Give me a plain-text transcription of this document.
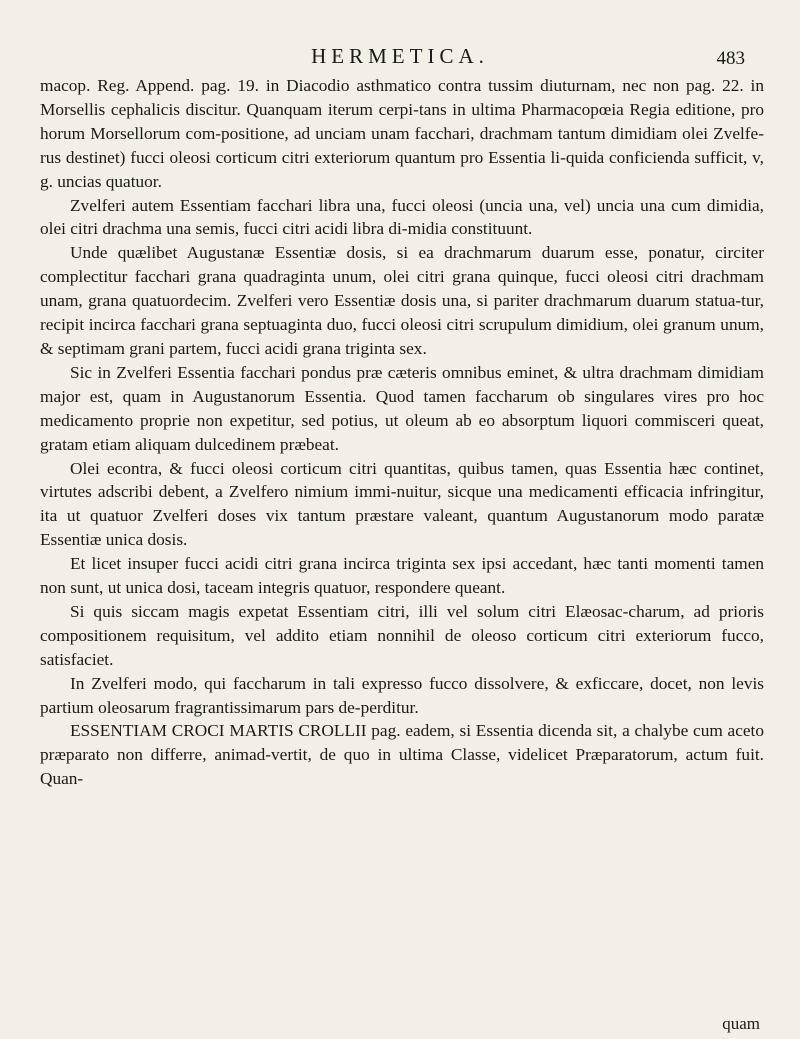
HERMETICA.	483

macop. Reg. Append. pag. 19. in Diacodio asthmatico contra tussim diuturnam, nec non pag. 22. in Morsellis cephalicis discitur. Quanquam iterum cerpi-tans in ultima Pharmacopœia Regia editione, pro horum Morsellorum com-positione, ad unciam unam facchari, drachmam tantum dimidiam olei Zvelfe-rus destinet) fucci oleosi corticum citri exteriorum quantum pro Essentia li-quida conficienda sufficit, v, g. uncias quatuor.

Zvelferi autem Essentiam facchari libra una, fucci oleosi (uncia una, vel) uncia una cum dimidia, olei citri drachma una semis, fucci citri acidi libra di-midia constituunt.

Unde quælibet Augustanæ Essentiæ dosis, si ea drachmarum duarum esse, ponatur, circiter complectitur facchari grana quadraginta unum, olei citri grana quinque, fucci oleosi citri drachmam unam, grana quatuordecim. Zvelferi vero Essentiæ dosis una, si pariter drachmarum duarum statua-tur, recipit incirca facchari grana septuaginta duo, fucci oleosi citri scrupulum dimidium, olei granum unum, & septimam grani partem, fucci acidi grana triginta sex.

Sic in Zvelferi Essentia facchari pondus præ cæteris omnibus eminet, & ultra drachmam dimidiam major est, quam in Augustanorum Essentia. Quod tamen faccharum ob singulares vires pro hoc medicamento proprie non expetitur, sed potius, ut oleum ab eo absorptum liquori commisceri queat, gratam etiam aliquam dulcedinem præbeat.

Olei econtra, & fucci oleosi corticum citri quantitas, quibus tamen, quas Essentia hæc continet, virtutes adscribi debent, a Zvelfero nimium immi-nuitur, sicque una medicamenti efficacia infringitur, ita ut quatuor Zvelferi doses vix tantum præstare valeant, quantum Augustanorum modo paratæ Essentiæ unica dosis.

Et licet insuper fucci acidi citri grana incirca triginta sex ipsi accedant, hæc tanti momenti tamen non sunt, ut unica dosi, taceam integris quatuor, respondere queant.

Si quis siccam magis expetat Essentiam citri, illi vel solum citri Elæosac-charum, ad prioris compositionem requisitum, vel addito etiam nonnihil de oleoso corticum citri exteriorum fucco, satisfaciet.

In Zvelferi modo, qui faccharum in tali expresso fucco dissolvere, & exficcare, docet, non levis partium oleosarum fragrantissimarum pars de-perditur.

ESSENTIAM CROCI MARTIS CROLLII pag. eadem, si Essentia dicenda sit, a chalybe cum aceto præparato non differre, animad-vertit, de quo in ultima Classe, videlicet Præparatorum, actum fuit. Quan-

quam
